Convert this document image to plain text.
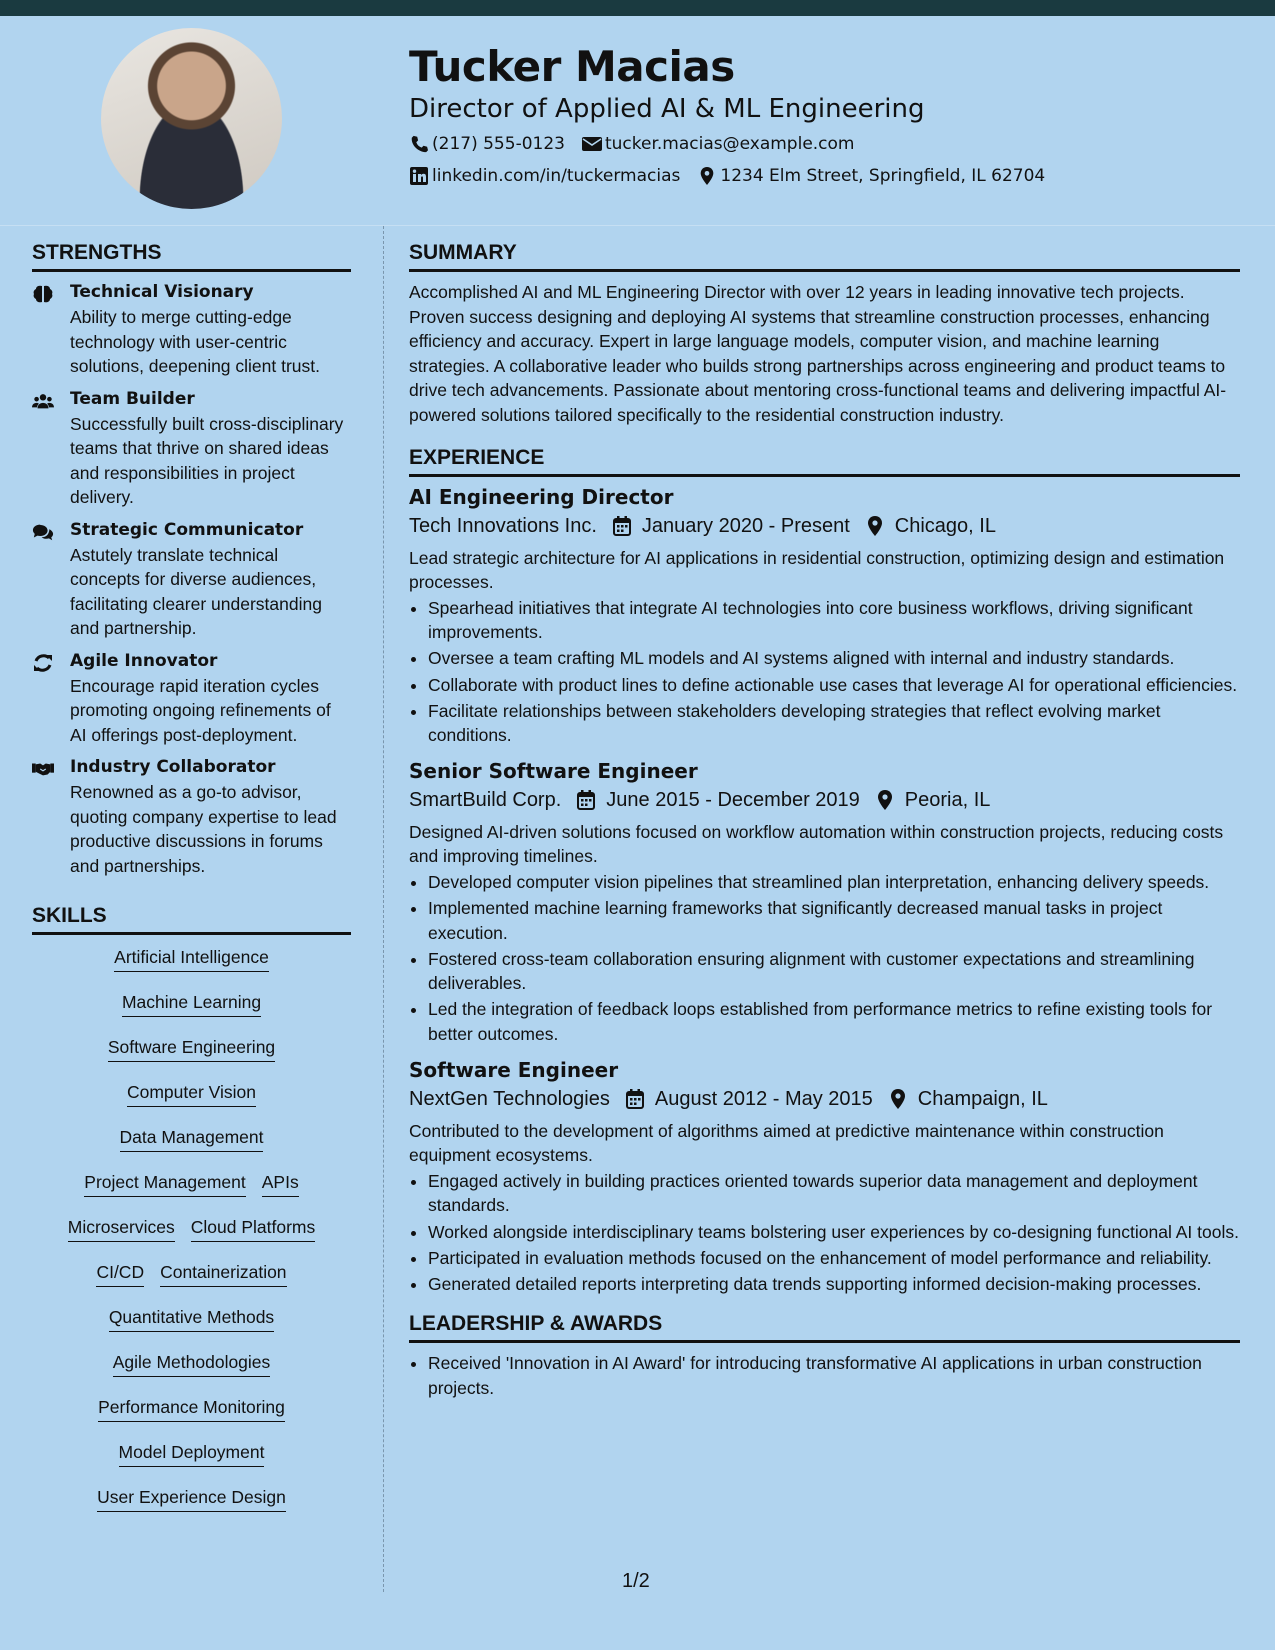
Tucker Macias
Director of Applied AI & ML Engineering
(217) 555-0123 tucker.macias@example.com
linkedin.com/in/tuckermacias 1234 Elm Street, Springfield, IL 62704
STRENGTHS
Technical Visionary
Ability to merge cutting-edge technology with user-centric solutions, deepening client trust.
Team Builder
Successfully built cross-disciplinary teams that thrive on shared ideas and responsibilities in project delivery.
Strategic Communicator
Astutely translate technical concepts for diverse audiences, facilitating clearer understanding and partnership.
Agile Innovator
Encourage rapid iteration cycles promoting ongoing refinements of AI offerings post-deployment.
Industry Collaborator
Renowned as a go-to advisor, quoting company expertise to lead productive discussions in forums and partnerships.
SKILLS
Artificial Intelligence
Machine Learning
Software Engineering
Computer Vision
Data Management
Project Management APIs
Microservices Cloud Platforms
CI/CD Containerization
Quantitative Methods
Agile Methodologies
Performance Monitoring
Model Deployment
User Experience Design
SUMMARY
Accomplished AI and ML Engineering Director with over 12 years in leading innovative tech projects. Proven success designing and deploying AI systems that streamline construction processes, enhancing efficiency and accuracy. Expert in large language models, computer vision, and machine learning strategies. A collaborative leader who builds strong partnerships across engineering and product teams to drive tech advancements. Passionate about mentoring cross-functional teams and delivering impactful AI-powered solutions tailored specifically to the residential construction industry.
EXPERIENCE
AI Engineering Director
Tech Innovations Inc. January 2020 - Present Chicago, IL
Lead strategic architecture for AI applications in residential construction, optimizing design and estimation processes.
• Spearhead initiatives that integrate AI technologies into core business workflows, driving significant improvements.
• Oversee a team crafting ML models and AI systems aligned with internal and industry standards.
• Collaborate with product lines to define actionable use cases that leverage AI for operational efficiencies.
• Facilitate relationships between stakeholders developing strategies that reflect evolving market conditions.
Senior Software Engineer
SmartBuild Corp. June 2015 - December 2019 Peoria, IL
Designed AI-driven solutions focused on workflow automation within construction projects, reducing costs and improving timelines.
• Developed computer vision pipelines that streamlined plan interpretation, enhancing delivery speeds.
• Implemented machine learning frameworks that significantly decreased manual tasks in project execution.
• Fostered cross-team collaboration ensuring alignment with customer expectations and streamlining deliverables.
• Led the integration of feedback loops established from performance metrics to refine existing tools for better outcomes.
Software Engineer
NextGen Technologies August 2012 - May 2015 Champaign, IL
Contributed to the development of algorithms aimed at predictive maintenance within construction equipment ecosystems.
• Engaged actively in building practices oriented towards superior data management and deployment standards.
• Worked alongside interdisciplinary teams bolstering user experiences by co-designing functional AI tools.
• Participated in evaluation methods focused on the enhancement of model performance and reliability.
• Generated detailed reports interpreting data trends supporting informed decision-making processes.
LEADERSHIP & AWARDS
• Received 'Innovation in AI Award' for introducing transformative AI applications in urban construction projects.
1/2
